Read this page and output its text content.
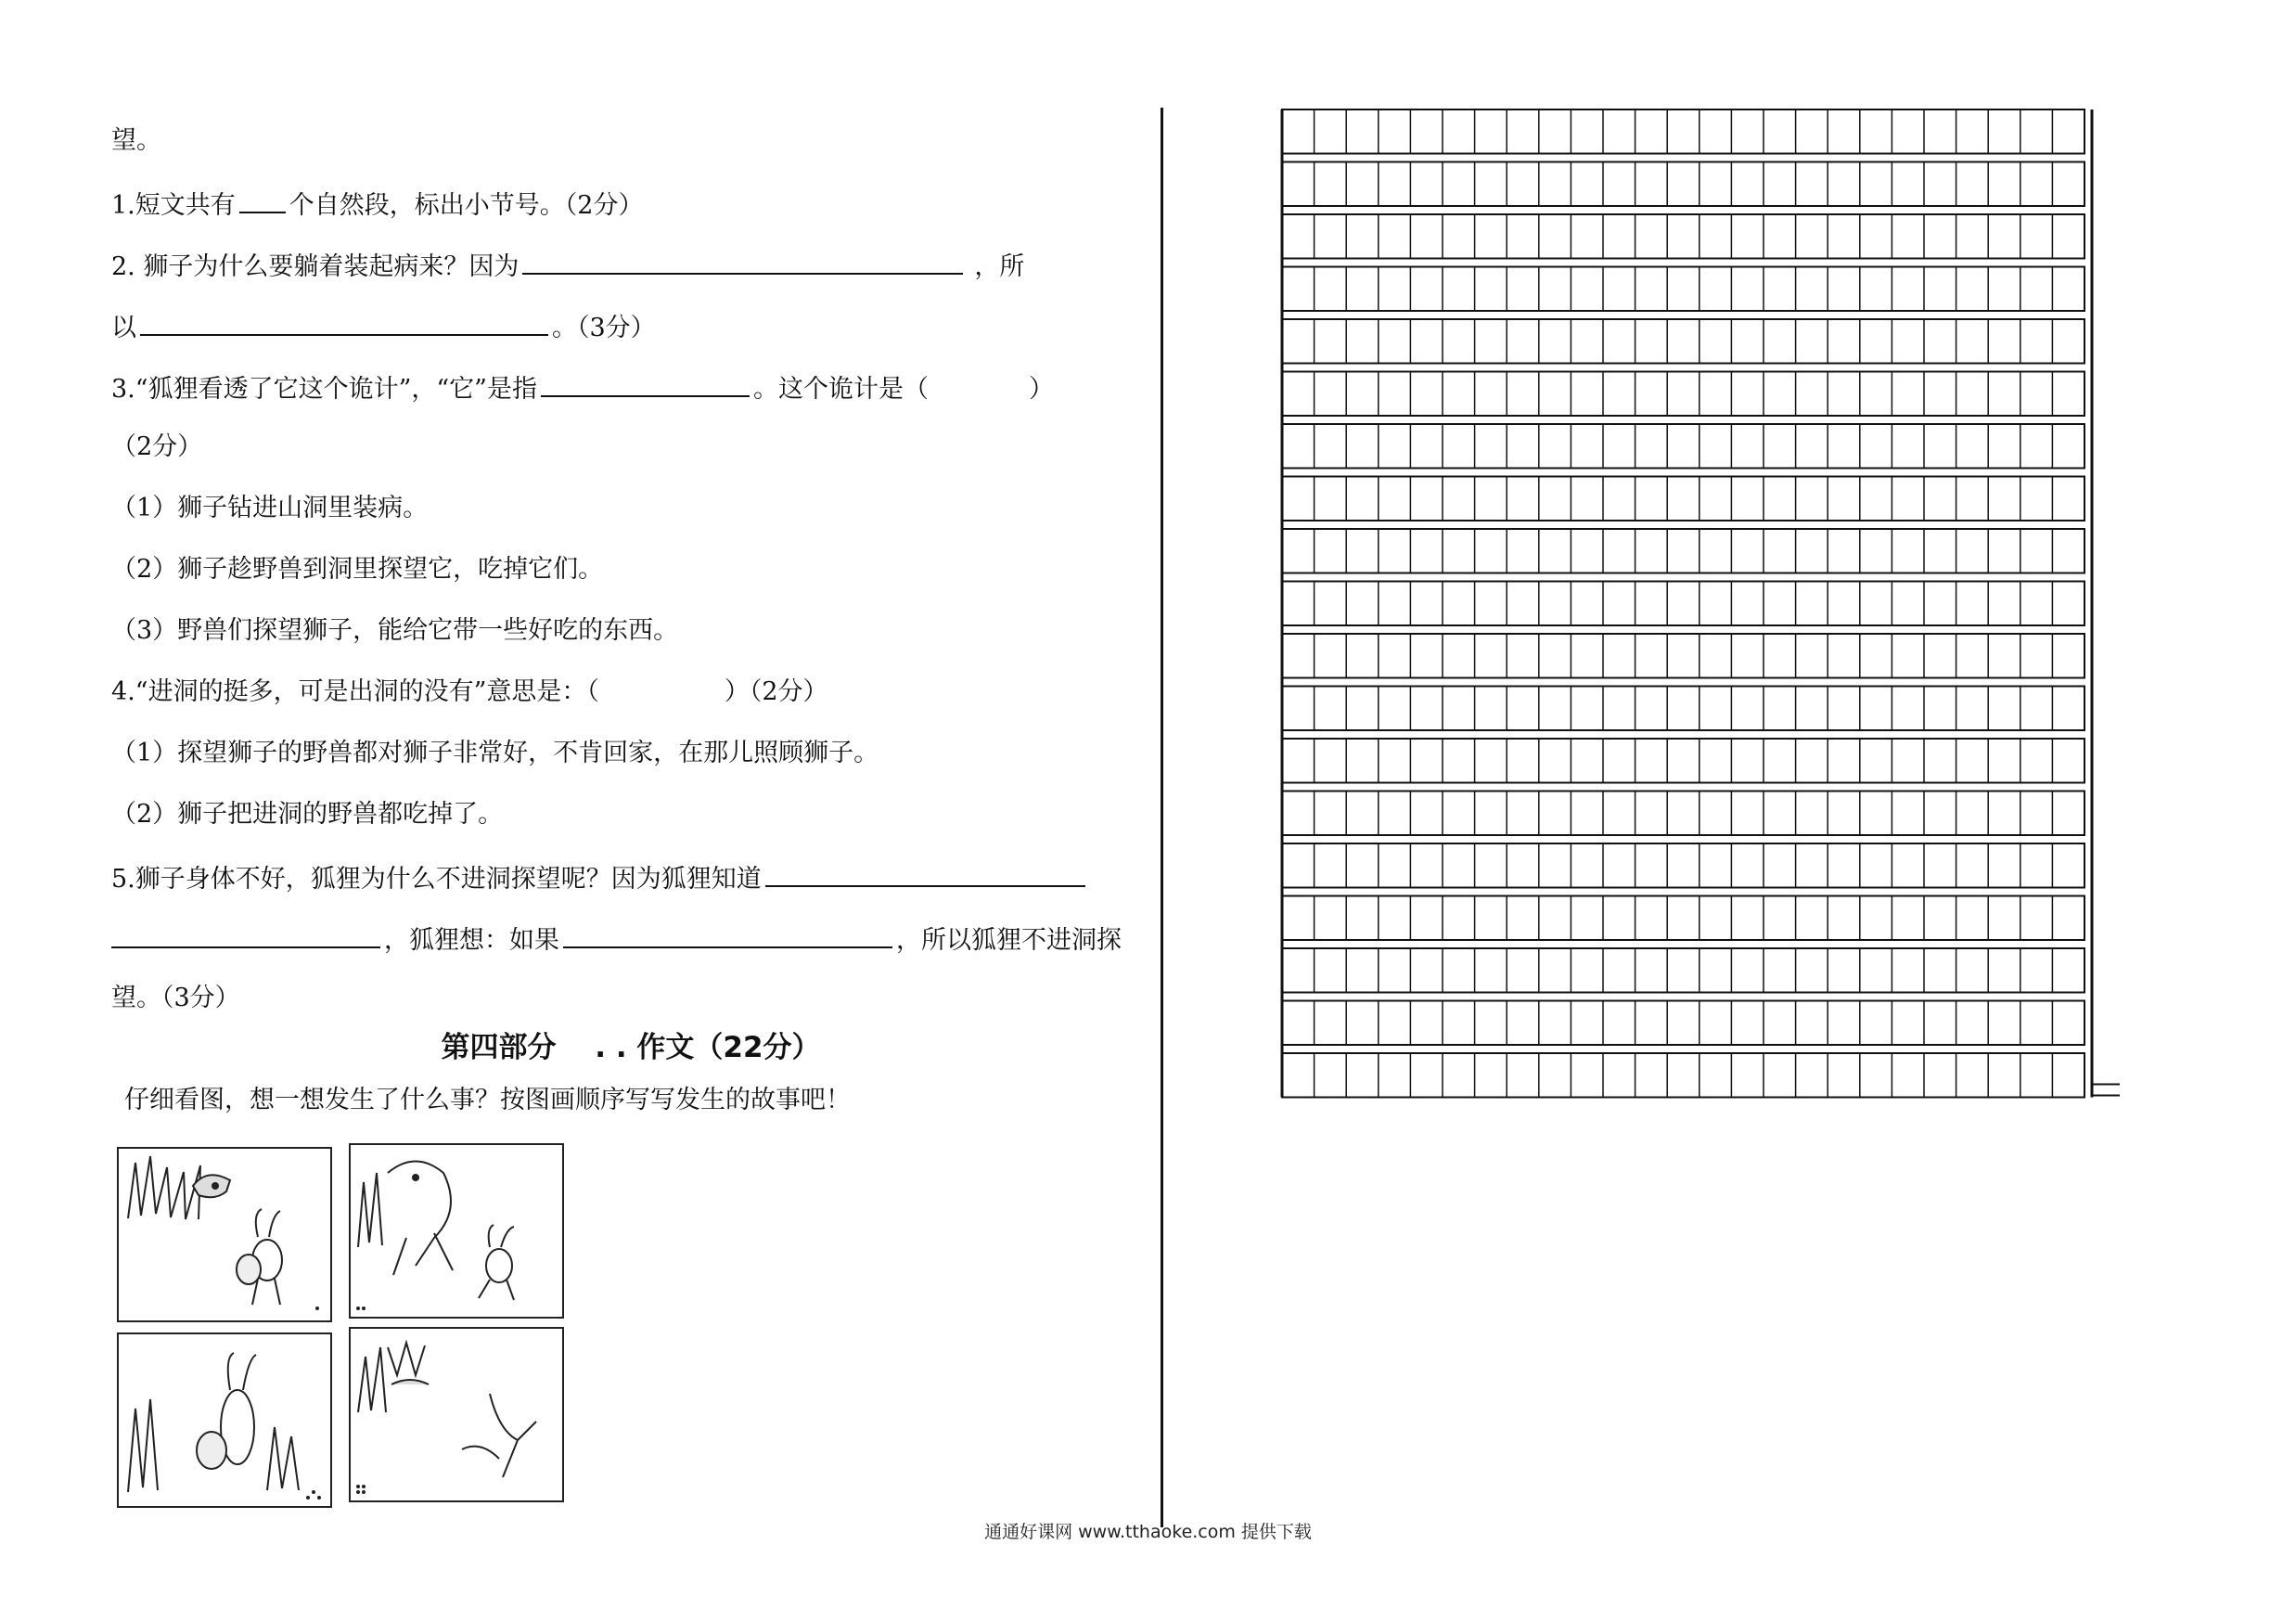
望。
1.短文共有 个自然段，标出小节号。（2分）
2. 狮子为什么要躺着装起病来？因为	，所
以	。（3分）
3.“狐狸看透了它这个诡计”，“它”是指	。这个诡计是（　　　　）
（2分）
（1）狮子钻进山洞里装病。
（2）狮子趁野兽到洞里探望它，吃掉它们。
（3）野兽们探望狮子，能给它带一些好吃的东西。
4.“进洞的挺多，可是出洞的没有”意思是：（　　　　　）（2分）
（1）探望狮子的野兽都对狮子非常好，不肯回家，在那儿照顾狮子。
（2）狮子把进洞的野兽都吃掉了。
5.狮子身体不好，狐狸为什么不进洞探望呢？因为狐狸知道
，狐狸想：如果	，所以狐狸不进洞探
望。（3分）
第四部分　 . . 作文（22分）
仔细看图，想一想发生了什么事？按图画顺序写写发生的故事吧！
通通好课网 www.tthaoke.com 提供下载
